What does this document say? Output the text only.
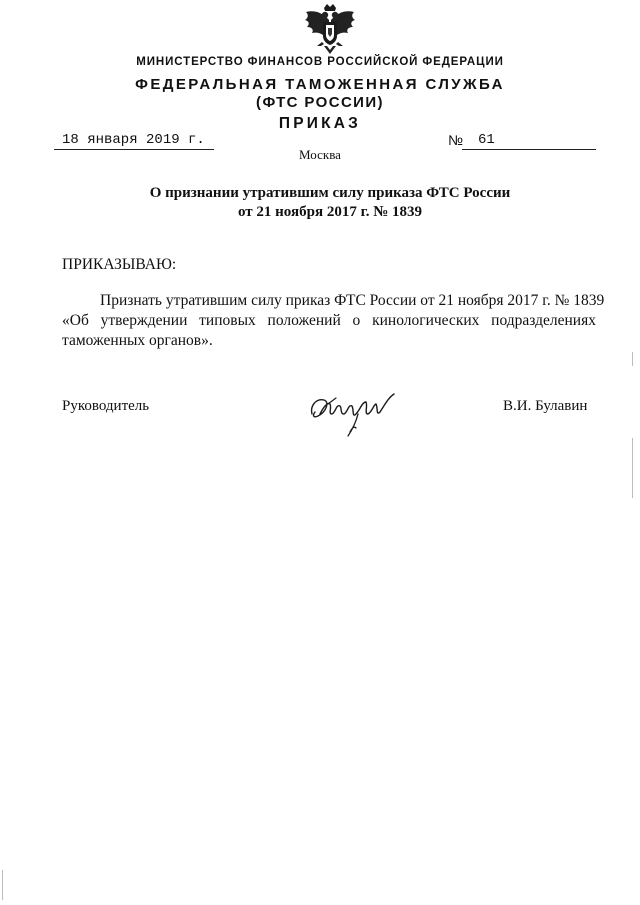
МИНИСТЕРСТВО ФИНАНСОВ РОССИЙСКОЙ ФЕДЕРАЦИИ
ФЕДЕРАЛЬНАЯ ТАМОЖЕННАЯ СЛУЖБА
(ФТС РОССИИ)
ПРИКАЗ
18 января 2019 г.	№ 61
Москва
О признании утратившим силу приказа ФТС России
от 21 ноября 2017 г. № 1839
ПРИКАЗЫВАЮ:
Признать утратившим силу приказ ФТС России от 21 ноября 2017 г. № 1839
«Об утверждении типовых положений о кинологических подразделениях
таможенных органов».
Руководитель	В.И. Булавин
